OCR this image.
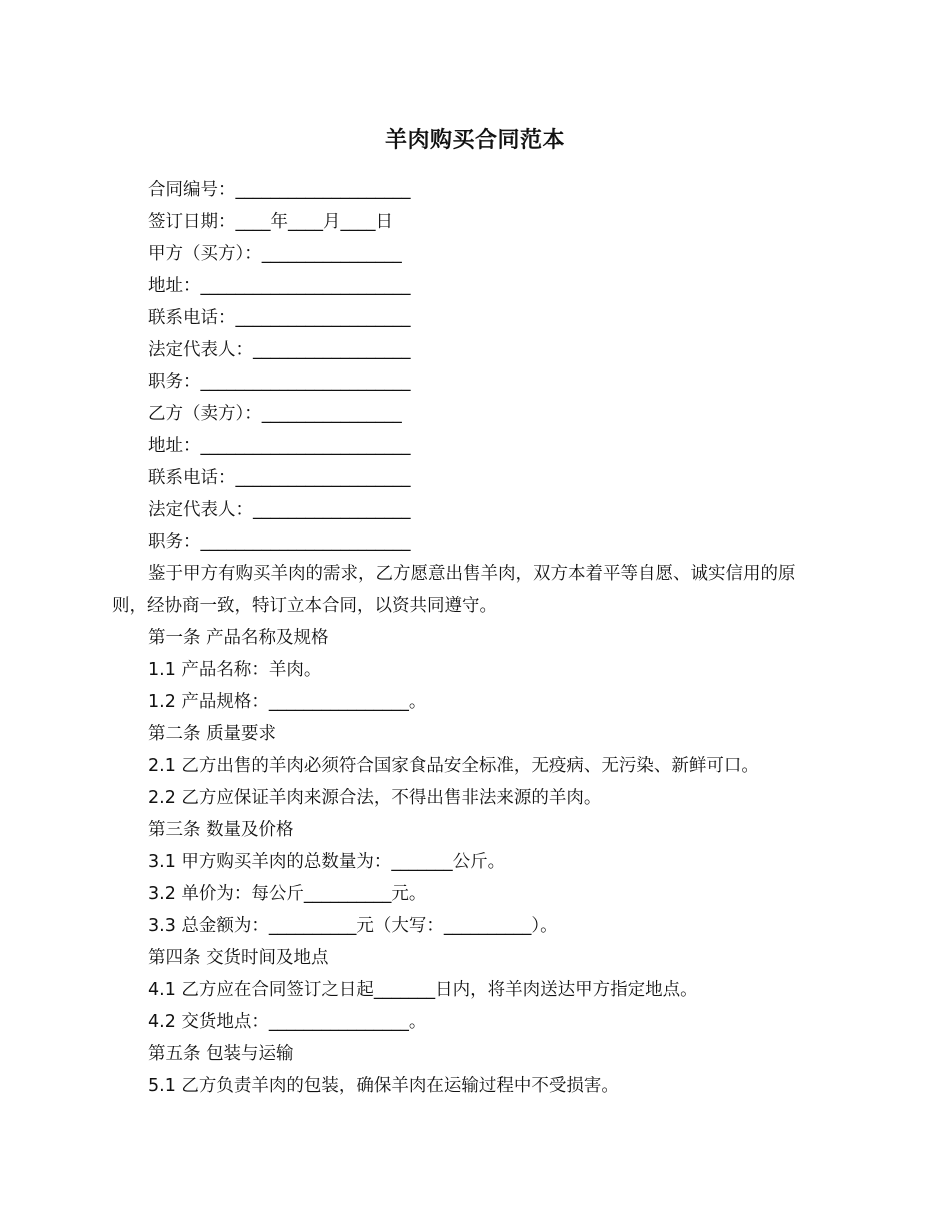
羊肉购买合同范本
合同编号：____________________
签订日期：____年____月____日
甲方（买方）：________________
地址：________________________
联系电话：____________________
法定代表人：__________________
职务：________________________
乙方（卖方）：________________
地址：________________________
联系电话：____________________
法定代表人：__________________
职务：________________________
鉴于甲方有购买羊肉的需求，乙方愿意出售羊肉，双方本着平等自愿、诚实信用的原
则，经协商一致，特订立本合同，以资共同遵守。
第一条 产品名称及规格
1.1 产品名称：羊肉。
1.2 产品规格：________________。
第二条 质量要求
2.1 乙方出售的羊肉必须符合国家食品安全标准，无疫病、无污染、新鲜可口。
2.2 乙方应保证羊肉来源合法，不得出售非法来源的羊肉。
第三条 数量及价格
3.1 甲方购买羊肉的总数量为：_______公斤。
3.2 单价为：每公斤__________元。
3.3 总金额为：__________元（大写：__________）。
第四条 交货时间及地点
4.1 乙方应在合同签订之日起_______日内，将羊肉送达甲方指定地点。
4.2 交货地点：________________。
第五条 包装与运输
5.1 乙方负责羊肉的包装，确保羊肉在运输过程中不受损害。
